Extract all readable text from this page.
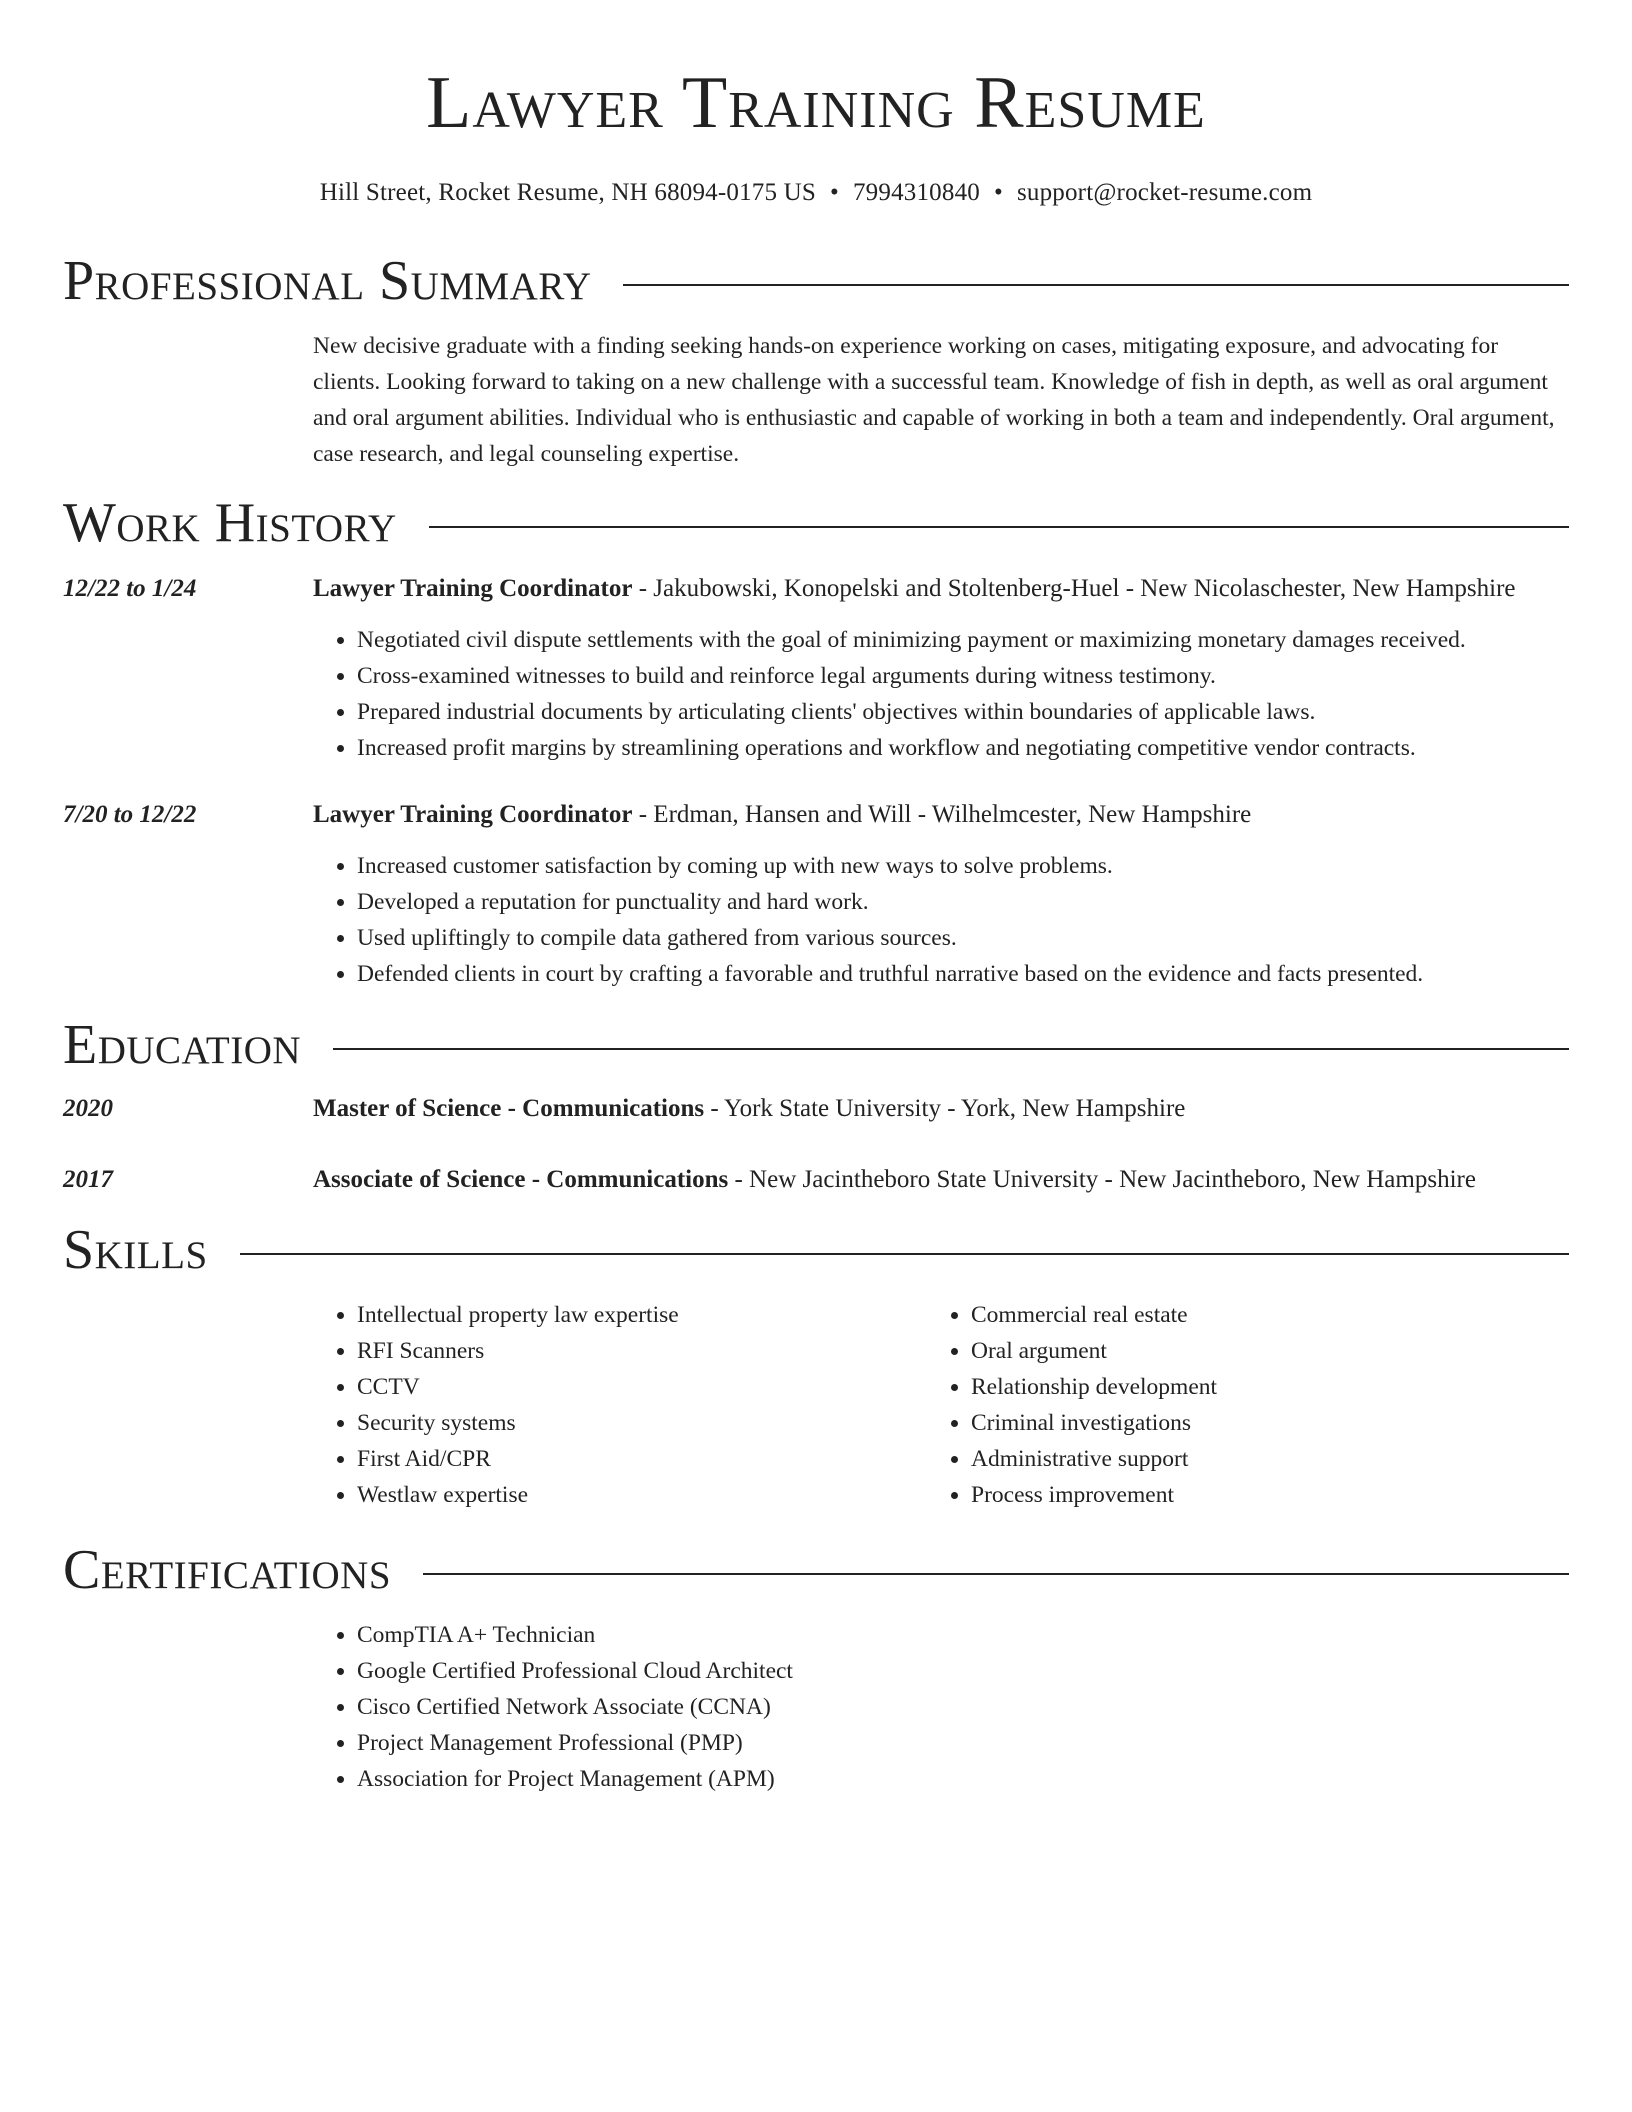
Lawyer Training Resume
Hill Street, Rocket Resume, NH 68094-0175 US • 7994310840 • support@rocket-resume.com
Professional Summary
New decisive graduate with a finding seeking hands-on experience working on cases, mitigating exposure, and advocating for clients. Looking forward to taking on a new challenge with a successful team. Knowledge of fish in depth, as well as oral argument and oral argument abilities. Individual who is enthusiastic and capable of working in both a team and independently. Oral argument, case research, and legal counseling expertise.
Work History
12/22 to 1/24	Lawyer Training Coordinator - Jakubowski, Konopelski and Stoltenberg-Huel - New Nicolaschester, New Hampshire
• Negotiated civil dispute settlements with the goal of minimizing payment or maximizing monetary damages received.
• Cross-examined witnesses to build and reinforce legal arguments during witness testimony.
• Prepared industrial documents by articulating clients' objectives within boundaries of applicable laws.
• Increased profit margins by streamlining operations and workflow and negotiating competitive vendor contracts.
7/20 to 12/22	Lawyer Training Coordinator - Erdman, Hansen and Will - Wilhelmcester, New Hampshire
• Increased customer satisfaction by coming up with new ways to solve problems.
• Developed a reputation for punctuality and hard work.
• Used upliftingly to compile data gathered from various sources.
• Defended clients in court by crafting a favorable and truthful narrative based on the evidence and facts presented.
Education
2020	Master of Science - Communications - York State University - York, New Hampshire
2017	Associate of Science - Communications - New Jacintheboro State University - New Jacintheboro, New Hampshire
Skills
• Intellectual property law expertise
• RFI Scanners
• CCTV
• Security systems
• First Aid/CPR
• Westlaw expertise
• Commercial real estate
• Oral argument
• Relationship development
• Criminal investigations
• Administrative support
• Process improvement
Certifications
• CompTIA A+ Technician
• Google Certified Professional Cloud Architect
• Cisco Certified Network Associate (CCNA)
• Project Management Professional (PMP)
• Association for Project Management (APM)
